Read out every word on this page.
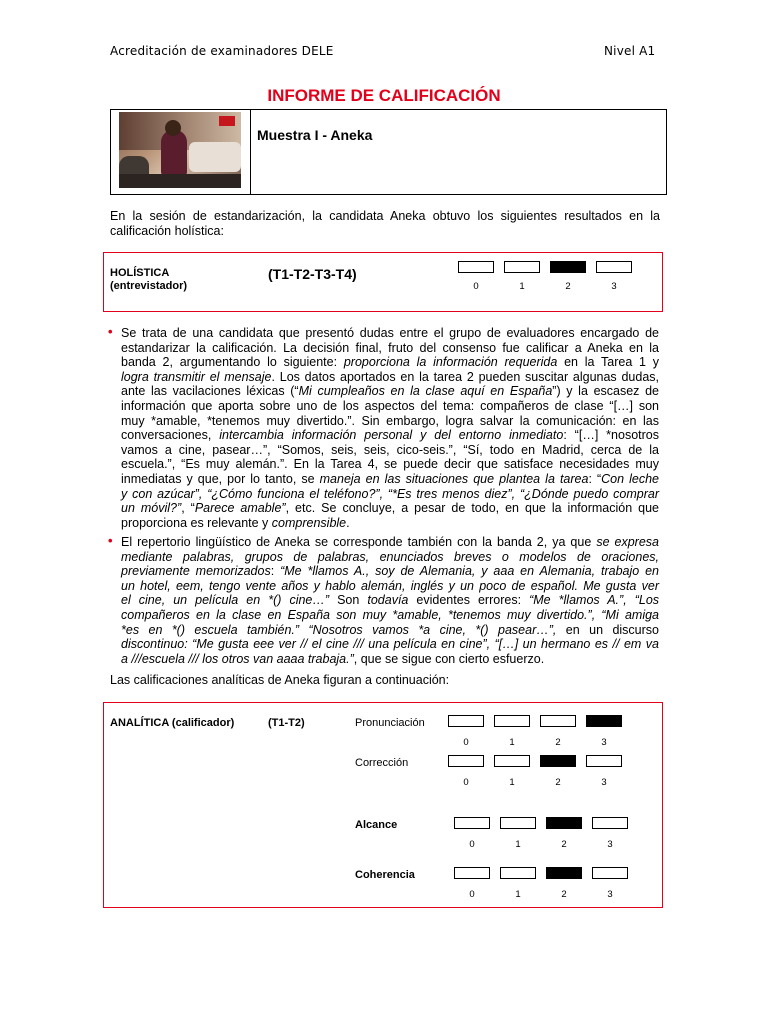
Acreditación de examinadores DELE	Nivel A1
INFORME DE CALIFICACIÓN
Muestra I - Aneka

En la sesión de estandarización, la candidata Aneka obtuvo los siguientes resultados en la calificación holística:

HOLÍSTICA
(entrevistador)
(T1-T2-T3-T4)
0	1	2	3
• Se trata de una candidata que presentó dudas entre el grupo de evaluadores encargado de
estandarizar la calificación. La decisión final, fruto del consenso fue calificar a Aneka en la
banda 2, argumentando lo siguiente: proporciona la información requerida en la Tarea 1 y
logra transmitir el mensaje. Los datos aportados en la tarea 2 pueden suscitar algunas dudas,
ante las vacilaciones léxicas (“Mi cumpleaños en la clase aquí en España”) y la escasez de
información que aporta sobre uno de los aspectos del tema: compañeros de clase “[…] son
muy *amable, *tenemos muy divertido.”. Sin embargo, logra salvar la comunicación: en las
conversaciones, intercambia información personal y del entorno inmediato: “[…] *nosotros
vamos a cine, pasear…”, “Somos, seis, seis, cico-seis.”, “Sí, todo en Madrid, cerca de la
escuela.”, “Es muy alemán.”. En la Tarea 4, se puede decir que satisface necesidades muy
inmediatas y que, por lo tanto, se maneja en las situaciones que plantea la tarea: “Con leche
y con azúcar”, “¿Cómo funciona el teléfono?”, “*Es tres menos diez”, “¿Dónde puedo comprar
un móvil?”, “Parece amable”, etc. Se concluye, a pesar de todo, en que la información que
proporciona es relevante y comprensible.

• El repertorio lingüístico de Aneka se corresponde también con la banda 2, ya que se expresa
mediante palabras, grupos de palabras, enunciados breves o modelos de oraciones,
previamente memorizados: “Me *llamos A., soy de Alemania, y aaa en Alemania, trabajo en
un hotel, eem, tengo vente años y hablo alemán, inglés y un poco de español. Me gusta ver
el cine, un película en *() cine…” Son todavía evidentes errores: “Me *llamos A.”, “Los
compañeros en la clase en España son muy *amable, *tenemos muy divertido.”, “Mi amiga
*es en *() escuela también.” “Nosotros vamos *a cine, *() pasear…”, en un discurso
discontinuo: “Me gusta eee ver // el cine /// una película en cine”, “[…] un hermano es // em va
a ///escuela /// los otros van aaaa trabaja.”, que se sigue con cierto esfuerzo.

Las calificaciones analíticas de Aneka figuran a continuación:

ANALÍTICA (calificador)	(T1-T2)	Pronunciación
0	1	2	3
Corrección
0	1	2	3
Alcance
0	1	2	3
Coherencia
0	1	2	3
